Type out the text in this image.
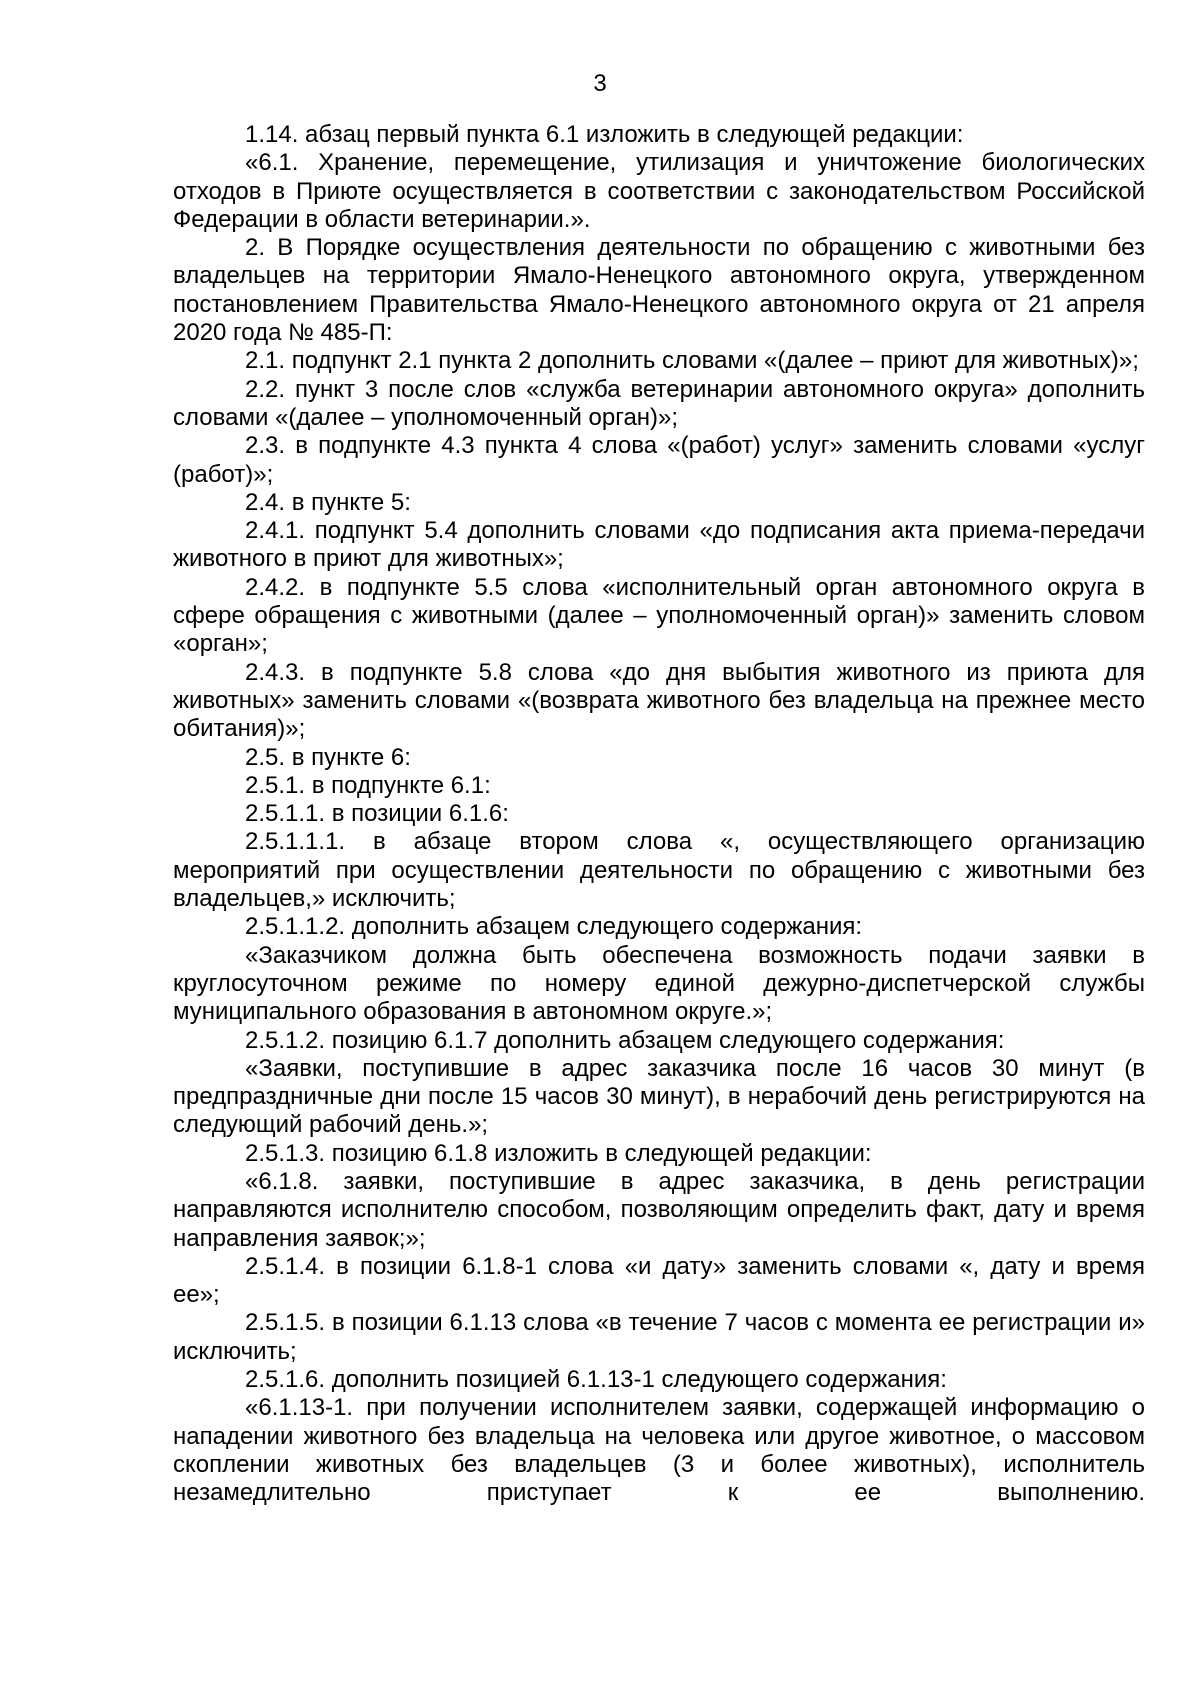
3

1.14. абзац первый пункта 6.1 изложить в следующей редакции:

«6.1. Хранение, перемещение, утилизация и уничтожение биологических отходов в Приюте осуществляется в соответствии с законодательством Российской Федерации в области ветеринарии.».

2. В Порядке осуществления деятельности по обращению с животными без владельцев на территории Ямало-Ненецкого автономного округа, утвержденном постановлением Правительства Ямало-Ненецкого автономного округа от 21 апреля 2020 года № 485-П:

2.1. подпункт 2.1 пункта 2 дополнить словами «(далее – приют для животных)»;

2.2. пункт 3 после слов «служба ветеринарии автономного округа» дополнить словами «(далее – уполномоченный орган)»;

2.3. в подпункте 4.3 пункта 4 слова «(работ) услуг» заменить словами «услуг (работ)»;

2.4. в пункте 5:

2.4.1. подпункт 5.4 дополнить словами «до подписания акта приема-передачи животного в приют для животных»;

2.4.2. в подпункте 5.5 слова «исполнительный орган автономного округа в сфере обращения с животными (далее – уполномоченный орган)» заменить словом «орган»;

2.4.3. в подпункте 5.8 слова «до дня выбытия животного из приюта для животных» заменить словами «(возврата животного без владельца на прежнее место обитания)»;

2.5. в пункте 6:

2.5.1. в подпункте 6.1:

2.5.1.1. в позиции 6.1.6:

2.5.1.1.1. в абзаце втором слова «, осуществляющего организацию мероприятий при осуществлении деятельности по обращению с животными без владельцев,» исключить;

2.5.1.1.2. дополнить абзацем следующего содержания:

«Заказчиком должна быть обеспечена возможность подачи заявки в круглосуточном режиме по номеру единой дежурно-диспетчерской службы муниципального образования в автономном округе.»;

2.5.1.2. позицию 6.1.7 дополнить абзацем следующего содержания:

«Заявки, поступившие в адрес заказчика после 16 часов 30 минут (в предпраздничные дни после 15 часов 30 минут), в нерабочий день регистрируются на следующий рабочий день.»;

2.5.1.3. позицию 6.1.8 изложить в следующей редакции:

«6.1.8. заявки, поступившие в адрес заказчика, в день регистрации направляются исполнителю способом, позволяющим определить факт, дату и время направления заявок;»;

2.5.1.4. в позиции 6.1.8-1 слова «и дату» заменить словами «, дату и время ее»;

2.5.1.5. в позиции 6.1.13 слова «в течение 7 часов с момента ее регистрации и» исключить;

2.5.1.6. дополнить позицией 6.1.13-1 следующего содержания:

«6.1.13-1. при получении исполнителем заявки, содержащей информацию о нападении животного без владельца на человека или другое животное, о массовом скоплении животных без владельцев (3 и более животных), исполнитель незамедлительно приступает к ее выполнению.
